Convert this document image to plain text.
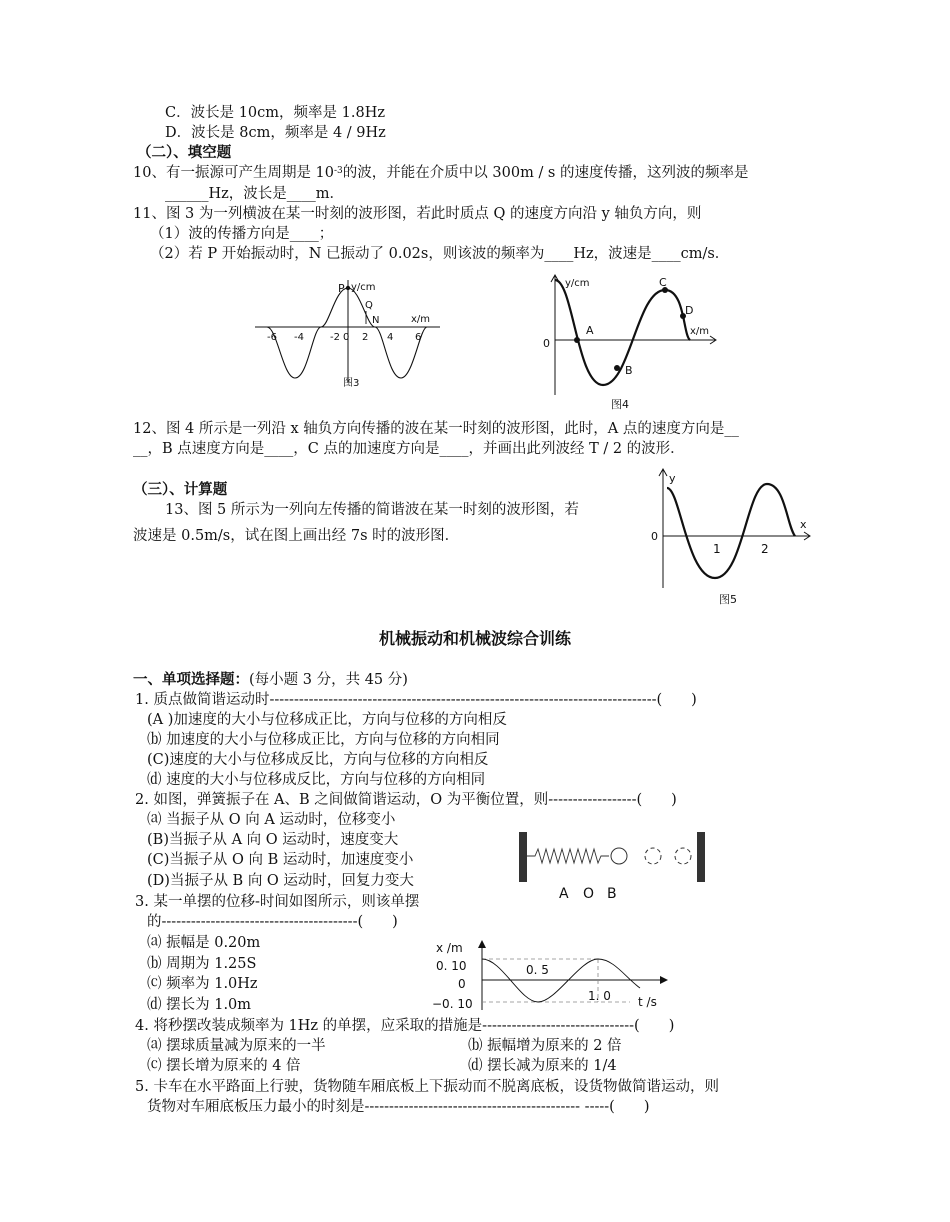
C．波长是 10cm，频率是 1.8Hz
D．波长是 8cm，频率是 4 / 9Hz
（二）、填空题
10、有一振源可产生周期是 $10^{-3}$的波，并能在介质中以 300m / s 的速度传播，这列波的频率是
______Hz，波长是____m．
11、图 3 为一列横波在某一时刻的波形图，若此时质点 Q 的速度方向沿 y 轴负方向，则
（1）波的传播方向是____；
（2）若 P 开始振动时，N 已振动了 0.02s，则该波的频率为____Hz，波速是____cm/s．
P y/cm
Q
N	x/m
-6 -4	-2 0 2 4 6
图3
y/cm
0
A
B
C
D
x/m
图4
12、图 4 所示是一列沿 x 轴负方向传播的波在某一时刻的波形图，此时，A 点的速度方向是__
__，B 点速度方向是____，C 点的加速度方向是____，并画出此列波经 T / 2 的波形．
（三）、计算题
13、图 5 所示为一列向左传播的简谐波在某一时刻的波形图，若
波速是 0.5m/s，试在图上画出经 7s 时的波形图．
y
0
x
1	2
图5
机械振动和机械波综合训练
一、单项选择题：(每小题 3 分，共 45 分)
1. 质点做简谐运动时-------------------------------------------------------------------------------(　　)
(A )加速度的大小与位移成正比，方向与位移的方向相反
⒝ 加速度的大小与位移成正比，方向与位移的方向相同
(C)速度的大小与位移成反比，方向与位移的方向相反
⒟ 速度的大小与位移成反比，方向与位移的方向相同
2. 如图，弹簧振子在 A、B 之间做简谐运动，O 为平衡位置，则------------------(　　)
⒜ 当振子从 O 向 A 运动时，位移变小
(B)当振子从 A 向 O 运动时，速度变大
(C)当振子从 O 向 B 运动时，加速度变小
(D)当振子从 B 向 O 运动时，回复力变大
A O B
3. 某一单摆的位移-时间如图所示，则该单摆
的----------------------------------------(　　)
⒜ 振幅是 0.20m
⒝ 周期为 1.25S
⒞ 频率为 1.0Hz
⒟ 摆长为 1.0m
x /m
0. 10
0
−0. 10
0. 5
1. 0 t /s
4. 将秒摆改装成频率为 1Hz 的单摆，应采取的措施是-------------------------------(　　)
⒜ 摆球质量减为原来的一半	⒝ 振幅增为原来的 2 倍
⒞ 摆长增为原来的 4 倍	⒟ 摆长减为原来的 1/4
5. 卡车在水平路面上行驶，货物随车厢底板上下振动而不脱离底板，设货物做简谐运动，则
货物对车厢底板压力最小的时刻是-------------------------------------------- -----(　　)
